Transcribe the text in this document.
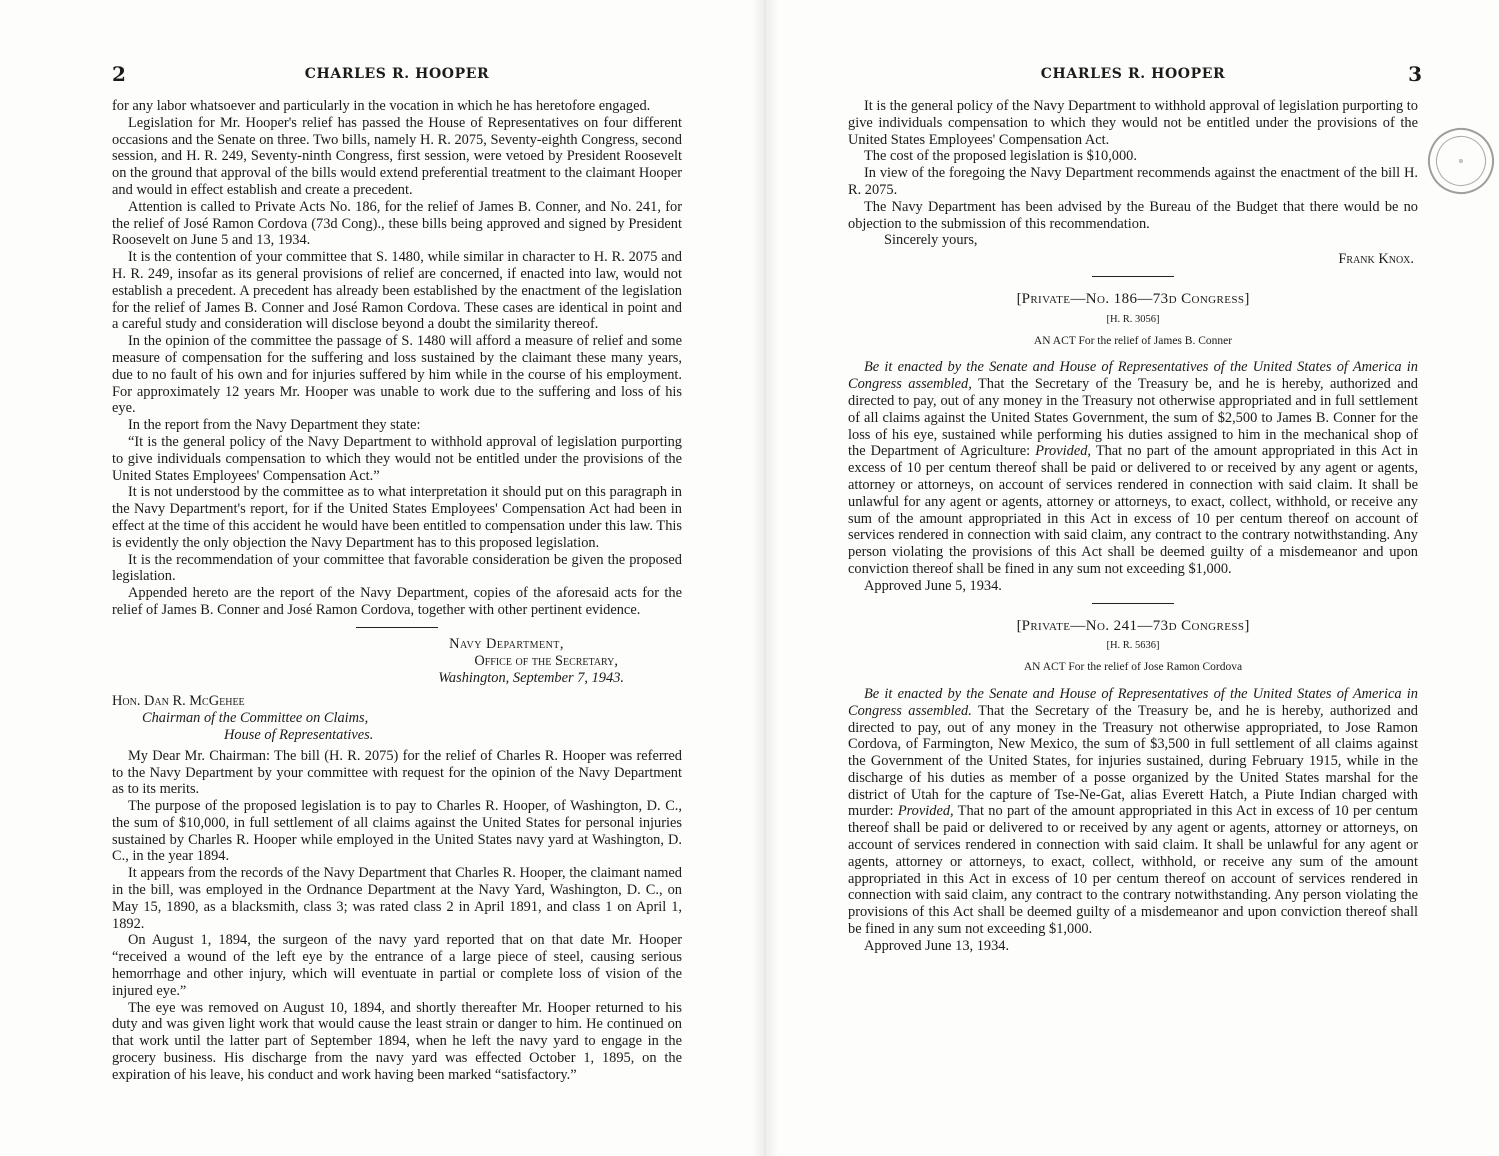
2	CHARLES R. HOOPER

for any labor whatsoever and particularly in the vocation in which he has heretofore engaged.

Legislation for Mr. Hooper's relief has passed the House of Representatives on four different occasions and the Senate on three. Two bills, namely H. R. 2075, Seventy-eighth Congress, second session, and H. R. 249, Seventy-ninth Congress, first session, were vetoed by President Roosevelt on the ground that approval of the bills would extend preferential treatment to the claimant Hooper and would in effect establish and create a precedent.

Attention is called to Private Acts No. 186, for the relief of James B. Conner, and No. 241, for the relief of José Ramon Cordova (73d Cong)., these bills being approved and signed by President Roosevelt on June 5 and 13, 1934.

It is the contention of your committee that S. 1480, while similar in character to H. R. 2075 and H. R. 249, insofar as its general provisions of relief are concerned, if enacted into law, would not establish a precedent. A precedent has already been established by the enactment of the legislation for the relief of James B. Conner and José Ramon Cordova. These cases are identical in point and a careful study and consideration will disclose beyond a doubt the similarity thereof.

In the opinion of the committee the passage of S. 1480 will afford a measure of relief and some measure of compensation for the suffering and loss sustained by the claimant these many years, due to no fault of his own and for injuries suffered by him while in the course of his employment. For approximately 12 years Mr. Hooper was unable to work due to the suffering and loss of his eye.

In the report from the Navy Department they state:

“It is the general policy of the Navy Department to withhold approval of legislation purporting to give individuals compensation to which they would not be entitled under the provisions of the United States Employees' Compensation Act.”

It is not understood by the committee as to what interpretation it should put on this paragraph in the Navy Department's report, for if the United States Employees' Compensation Act had been in effect at the time of this accident he would have been entitled to compensation under this law. This is evidently the only objection the Navy Department has to this proposed legislation.

It is the recommendation of your committee that favorable consideration be given the proposed legislation.

Appended hereto are the report of the Navy Department, copies of the aforesaid acts for the relief of James B. Conner and José Ramon Cordova, together with other pertinent evidence.

Navy Department,
Office of the Secretary,
Washington, September 7, 1943.
Hon. Dan R. McGehee
Chairman of the Committee on Claims,
House of Representatives.

My Dear Mr. Chairman: The bill (H. R. 2075) for the relief of Charles R. Hooper was referred to the Navy Department by your committee with request for the opinion of the Navy Department as to its merits.

The purpose of the proposed legislation is to pay to Charles R. Hooper, of Washington, D. C., the sum of $10,000, in full settlement of all claims against the United States for personal injuries sustained by Charles R. Hooper while employed in the United States navy yard at Washington, D. C., in the year 1894.

It appears from the records of the Navy Department that Charles R. Hooper, the claimant named in the bill, was employed in the Ordnance Department at the Navy Yard, Washington, D. C., on May 15, 1890, as a blacksmith, class 3; was rated class 2 in April 1891, and class 1 on April 1, 1892.

On August 1, 1894, the surgeon of the navy yard reported that on that date Mr. Hooper “received a wound of the left eye by the entrance of a large piece of steel, causing serious hemorrhage and other injury, which will eventuate in partial or complete loss of vision of the injured eye.”

The eye was removed on August 10, 1894, and shortly thereafter Mr. Hooper returned to his duty and was given light work that would cause the least strain or danger to him. He continued on that work until the latter part of September 1894, when he left the navy yard to engage in the grocery business. His discharge from the navy yard was effected October 1, 1895, on the expiration of his leave, his conduct and work having been marked “satisfactory.”

CHARLES R. HOOPER	3

It is the general policy of the Navy Department to withhold approval of legislation purporting to give individuals compensation to which they would not be entitled under the provisions of the United States Employees' Compensation Act.

The cost of the proposed legislation is $10,000.

In view of the foregoing the Navy Department recommends against the enactment of the bill H. R. 2075.

The Navy Department has been advised by the Bureau of the Budget that there would be no objection to the submission of this recommendation.

Sincerely yours,

Frank Knox.
[Private—No. 186—73d Congress]
[H. R. 3056]
AN ACT For the relief of James B. Conner

Be it enacted by the Senate and House of Representatives of the United States of America in Congress assembled, That the Secretary of the Treasury be, and he is hereby, authorized and directed to pay, out of any money in the Treasury not otherwise appropriated and in full settlement of all claims against the United States Government, the sum of $2,500 to James B. Conner for the loss of his eye, sustained while performing his duties assigned to him in the mechanical shop of the Department of Agriculture: Provided, That no part of the amount appropriated in this Act in excess of 10 per centum thereof shall be paid or delivered to or received by any agent or agents, attorney or attorneys, on account of services rendered in connection with said claim. It shall be unlawful for any agent or agents, attorney or attorneys, to exact, collect, withhold, or receive any sum of the amount appropriated in this Act in excess of 10 per centum thereof on account of services rendered in connection with said claim, any contract to the contrary notwithstanding. Any person violating the provisions of this Act shall be deemed guilty of a misdemeanor and upon conviction thereof shall be fined in any sum not exceeding $1,000.

Approved June 5, 1934.

[Private—No. 241—73d Congress]
[H. R. 5636]
AN ACT For the relief of Jose Ramon Cordova

Be it enacted by the Senate and House of Representatives of the United States of America in Congress assembled. That the Secretary of the Treasury be, and he is hereby, authorized and directed to pay, out of any money in the Treasury not otherwise appropriated, to Jose Ramon Cordova, of Farmington, New Mexico, the sum of $3,500 in full settlement of all claims against the Government of the United States, for injuries sustained, during February 1915, while in the discharge of his duties as member of a posse organized by the United States marshal for the district of Utah for the capture of Tse-Ne-Gat, alias Everett Hatch, a Piute Indian charged with murder: Provided, That no part of the amount appropriated in this Act in excess of 10 per centum thereof shall be paid or delivered to or received by any agent or agents, attorney or attorneys, on account of services rendered in connection with said claim. It shall be unlawful for any agent or agents, attorney or attorneys, to exact, collect, withhold, or receive any sum of the amount appropriated in this Act in excess of 10 per centum thereof on account of services rendered in connection with said claim, any contract to the contrary notwithstanding. Any person violating the provisions of this Act shall be deemed guilty of a misdemeanor and upon conviction thereof shall be fined in any sum not exceeding $1,000.

Approved June 13, 1934.

⊕
